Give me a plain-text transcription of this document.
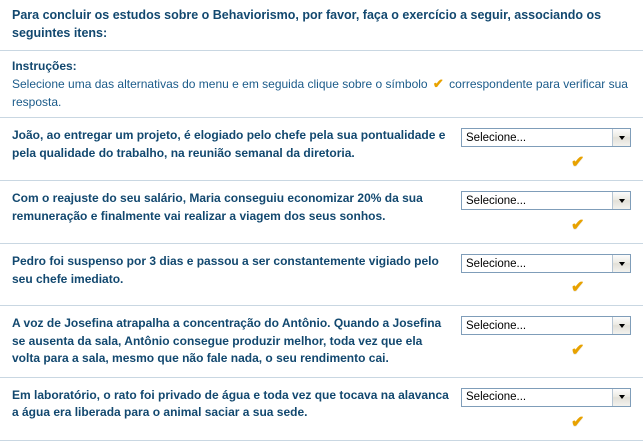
Para concluir os estudos sobre o Behaviorismo, por favor, faça o exercício a seguir, associando os seguintes itens:
Instruções:
Selecione uma das alternativas do menu e em seguida clique sobre o símbolo ✔ correspondente para verificar sua resposta.
João, ao entregar um projeto, é elogiado pelo chefe pela sua pontualidade e pela qualidade do trabalho, na reunião semanal da diretoria.
Selecione...
✔
Com o reajuste do seu salário, Maria conseguiu economizar 20% da sua remuneração e finalmente vai realizar a viagem dos seus sonhos.
Selecione...
✔
Pedro foi suspenso por 3 dias e passou a ser constantemente vigiado pelo seu chefe imediato.
Selecione...
✔
A voz de Josefina atrapalha a concentração do Antônio. Quando a Josefina se ausenta da sala, Antônio consegue produzir melhor, toda vez que ela volta para a sala, mesmo que não fale nada, o seu rendimento cai.
Selecione...
✔
Em laboratório, o rato foi privado de água e toda vez que tocava na alavanca a água era liberada para o animal saciar a sua sede.
Selecione...
✔
